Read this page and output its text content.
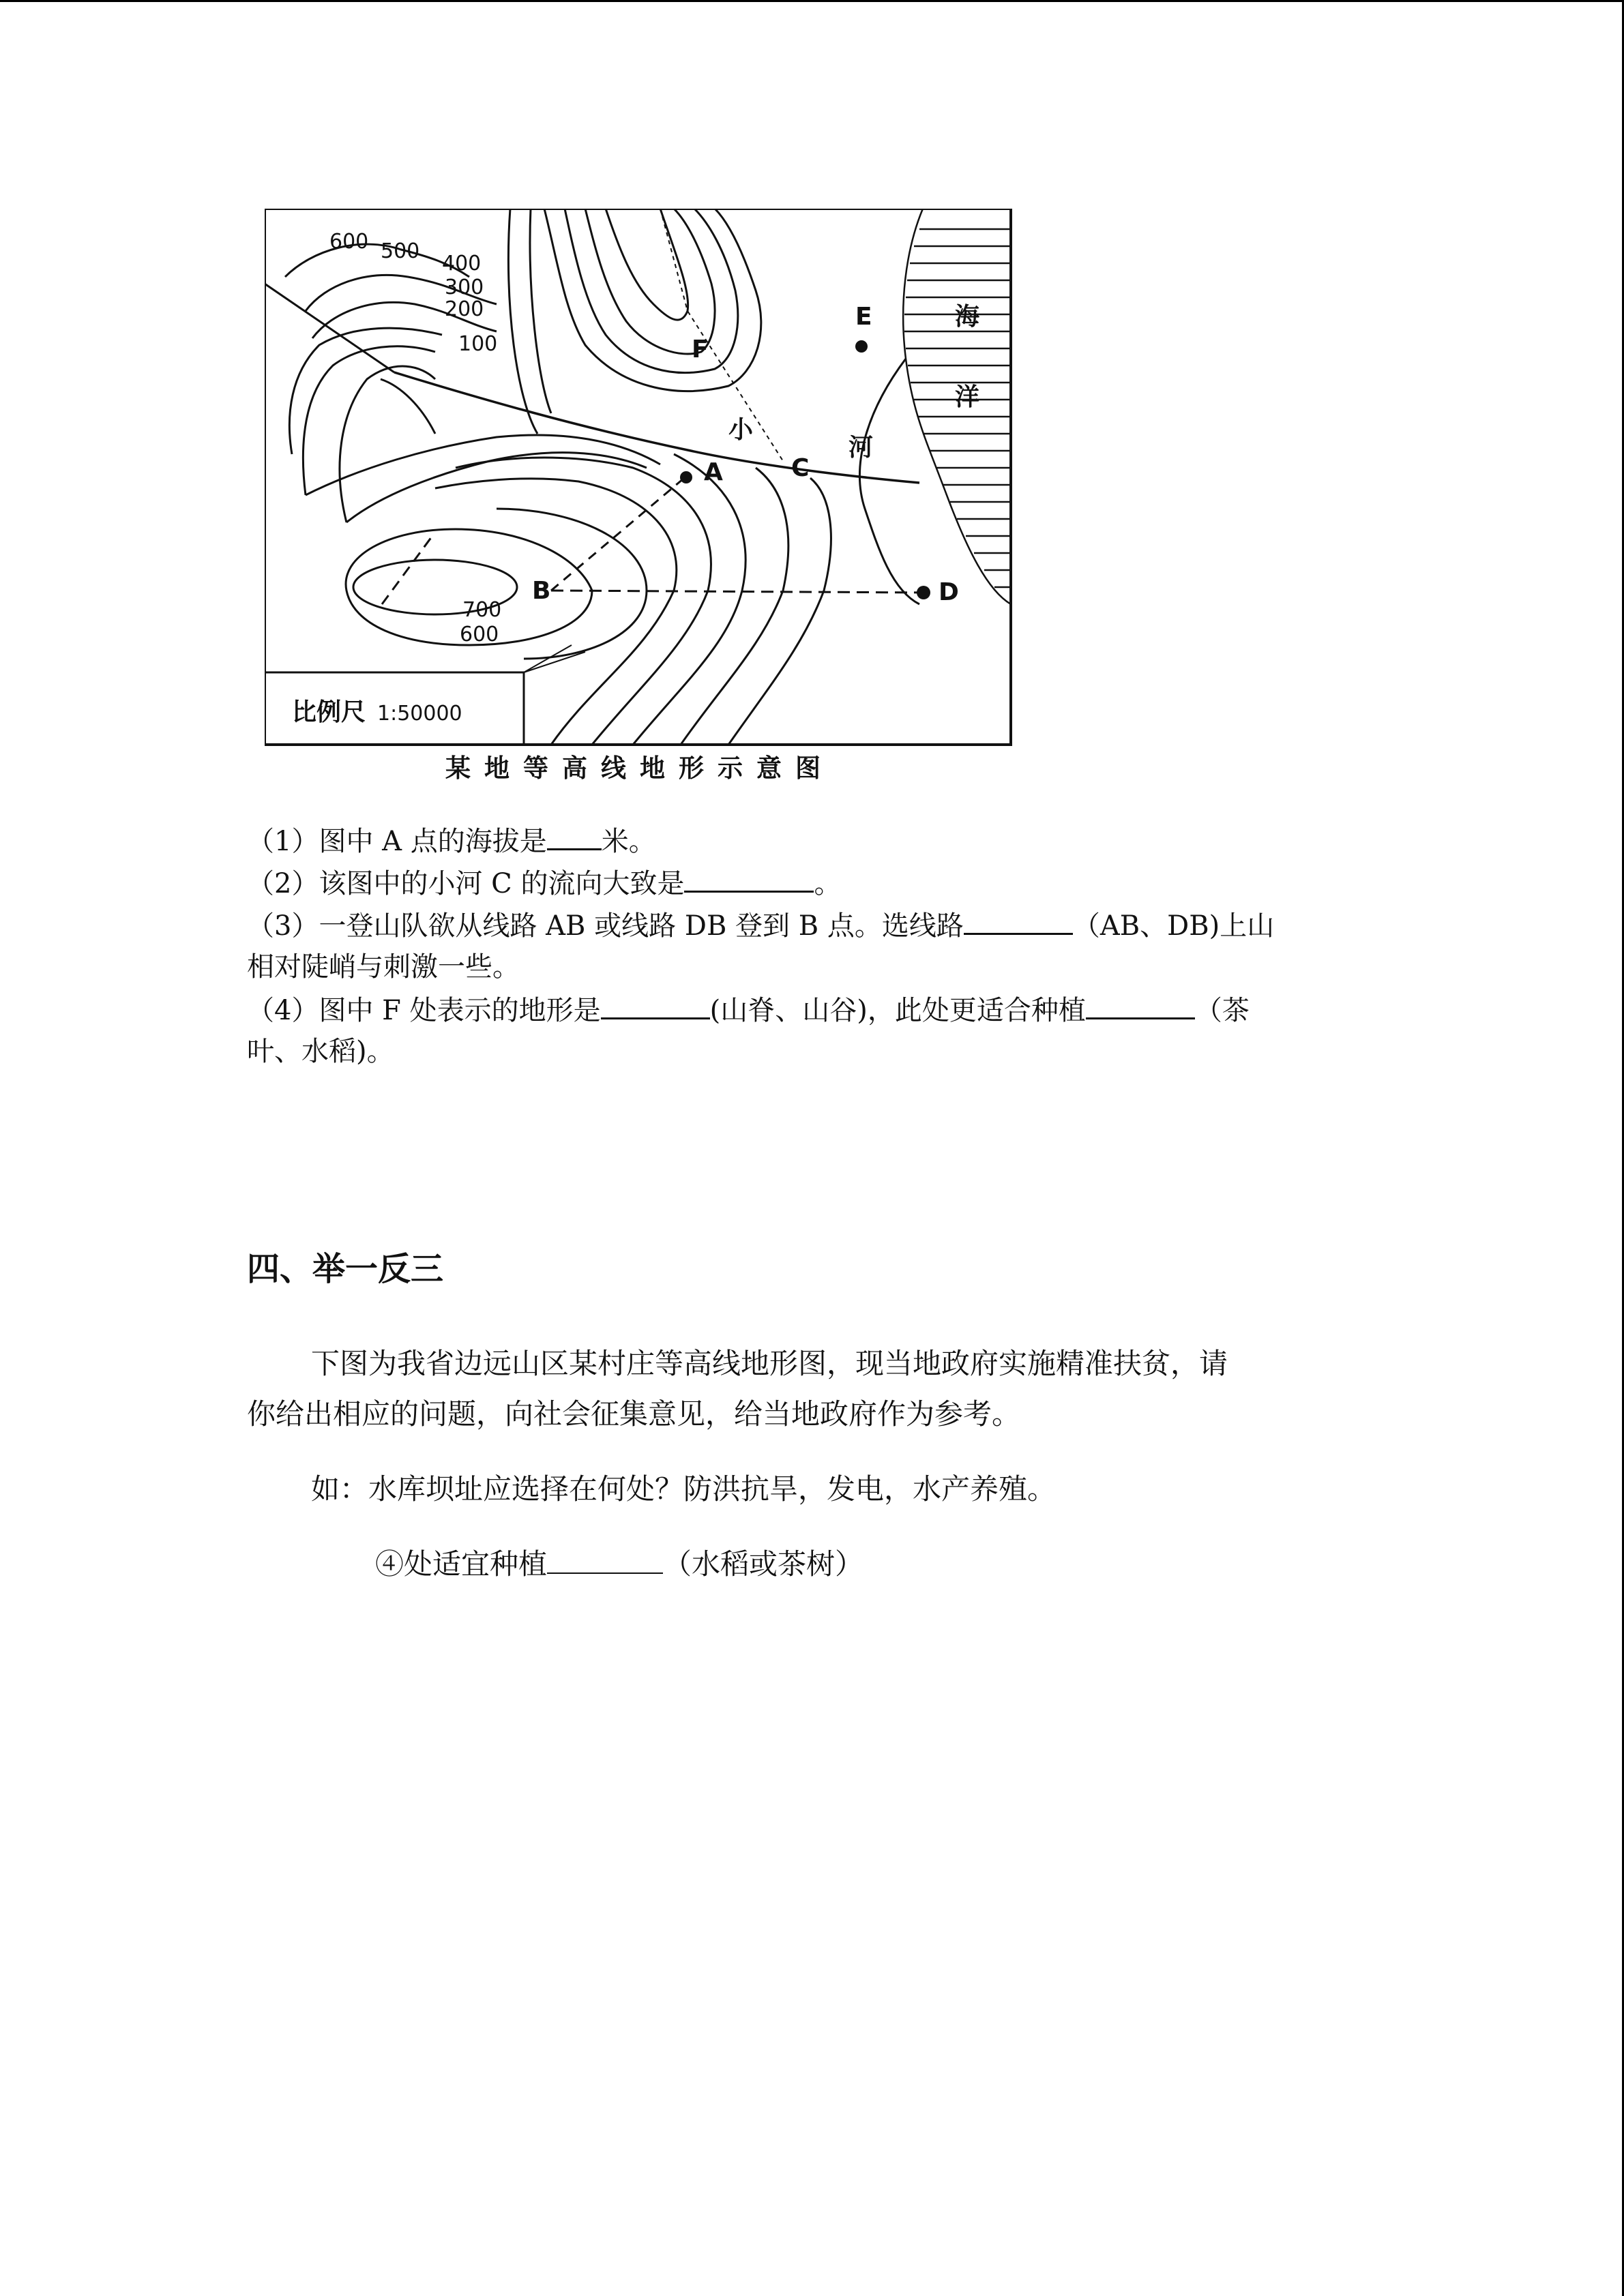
比例尺 1:50000
600 500
400
300
200
100
700
600
A
B
C
D
E
F
小
河
海
洋
某地等高线地形示意图
（1）图中 A 点的海拔是 米。
（2）该图中的小河 C 的流向大致是	。
（3）一登山队欲从线路 AB 或线路 DB 登到 B 点。选线路	（AB、DB)上山
相对陡峭与刺激一些。
（4）图中 F 处表示的地形是	(山脊、山谷)，此处更适合种植	（茶
叶、水稻)。
四、举一反三
下图为我省边远山区某村庄等高线地形图，现当地政府实施精准扶贫，请
你给出相应的问题，向社会征集意见，给当地政府作为参考。
如：水库坝址应选择在何处？防洪抗旱，发电，水产养殖。
④处适宜种植	（水稻或茶树）
